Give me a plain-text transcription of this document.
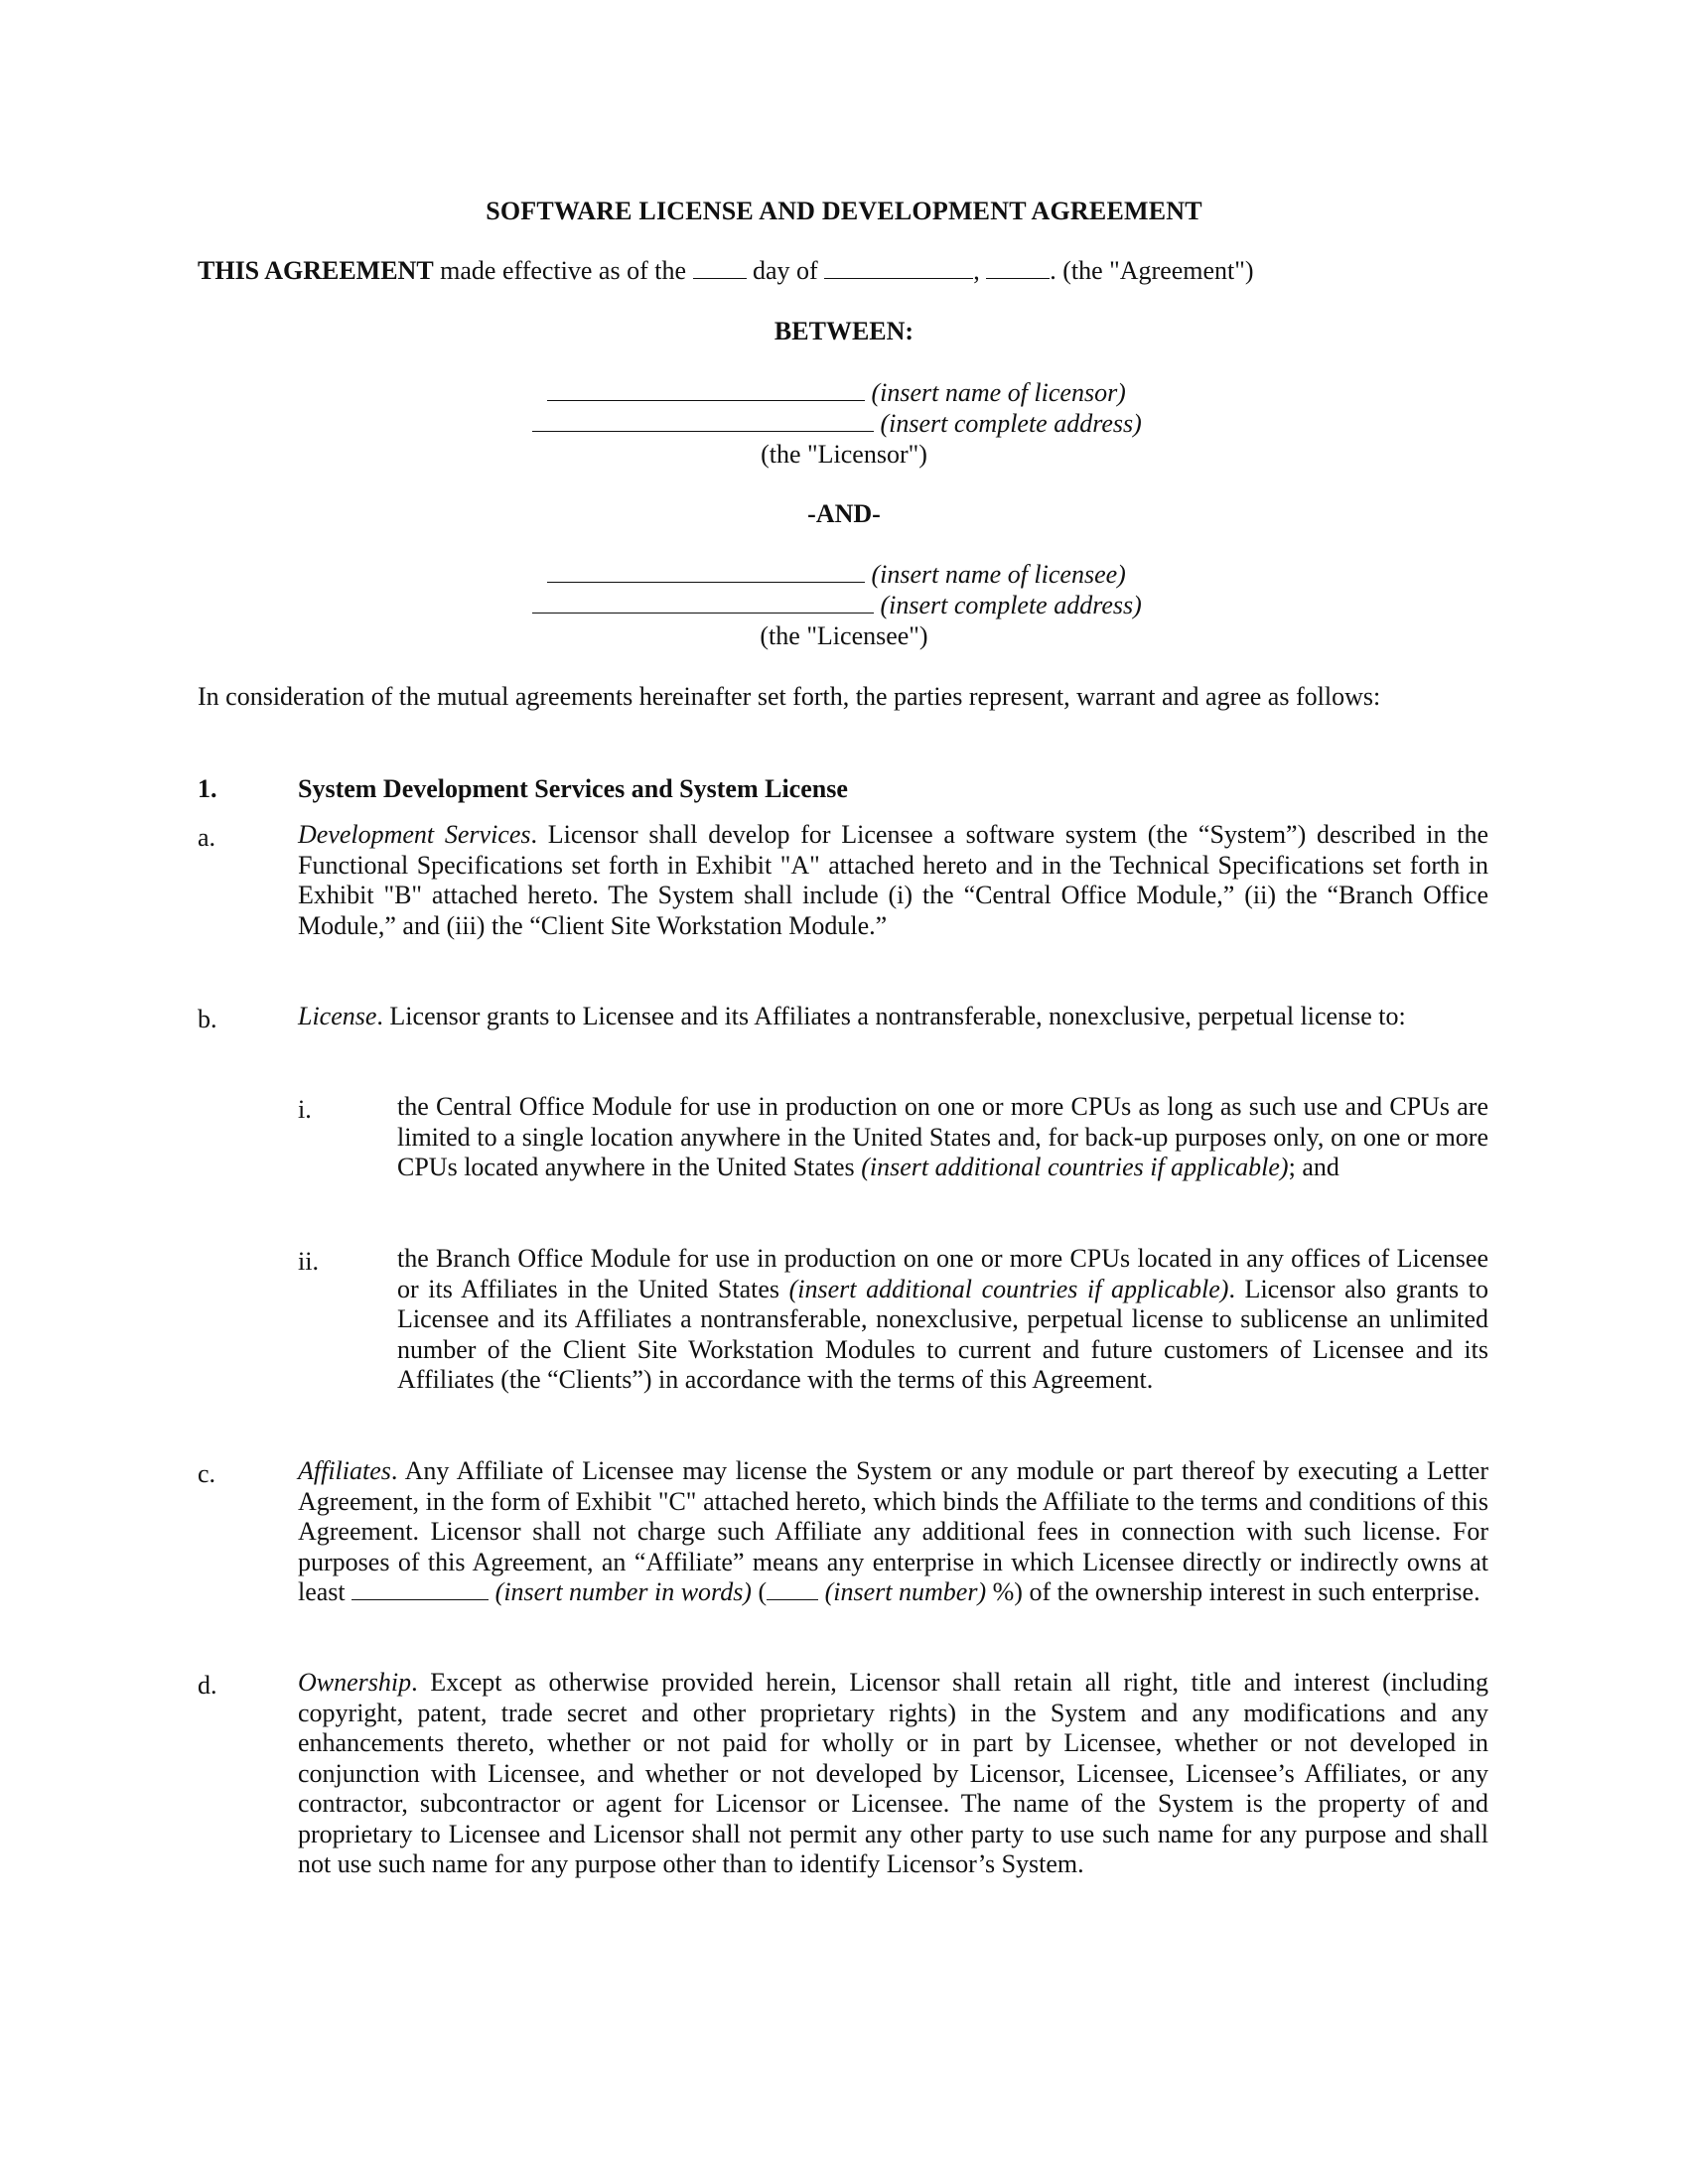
SOFTWARE LICENSE AND DEVELOPMENT AGREEMENT
THIS AGREEMENT made effective as of the  day of	, . (the "Agreement")
BETWEEN:
(insert name of licensor)
(insert complete address)
(the "Licensor")
-AND-
(insert name of licensee)
(insert complete address)
(the "Licensee")
In consideration of the mutual agreements hereinafter set forth, the parties represent, warrant and agree as follows:
1.	System Development Services and System License
a.	Development Services. Licensor shall develop for Licensee a software system (the “System”) described in the Functional Specifications set forth in Exhibit "A" attached hereto and in the Technical Specifications set forth in Exhibit "B" attached hereto. The System shall include (i) the “Central Office Module,” (ii) the “Branch Office Module,” and (iii) the “Client Site Workstation Module.”
b.	License. Licensor grants to Licensee and its Affiliates a nontransferable, nonexclusive, perpetual license to:
i.	the Central Office Module for use in production on one or more CPUs as long as such use and CPUs are limited to a single location anywhere in the United States and, for back-up purposes only, on one or more CPUs located anywhere in the United States (insert additional countries if applicable); and
ii.	the Branch Office Module for use in production on one or more CPUs located in any offices of Licensee or its Affiliates in the United States (insert additional countries if applicable). Licensor also grants to Licensee and its Affiliates a nontransferable, nonexclusive, perpetual license to sublicense an unlimited number of the Client Site Workstation Modules to current and future customers of Licensee and its Affiliates (the “Clients”) in accordance with the terms of this Agreement.
c.	Affiliates. Any Affiliate of Licensee may license the System or any module or part thereof by executing a Letter Agreement, in the form of Exhibit "C" attached hereto, which binds the Affiliate to the terms and conditions of this Agreement. Licensor shall not charge such Affiliate any additional fees in connection with such license. For purposes of this Agreement, an “Affiliate” means any enterprise in which Licensee directly or indirectly owns at least	(insert number in words) ( (insert number) %) of the ownership interest in such enterprise.
d.	Ownership. Except as otherwise provided herein, Licensor shall retain all right, title and interest (including copyright, patent, trade secret and other proprietary rights) in the System and any modifications and any enhancements thereto, whether or not paid for wholly or in part by Licensee, whether or not developed in conjunction with Licensee, and whether or not developed by Licensor, Licensee, Licensee’s Affiliates, or any contractor, subcontractor or agent for Licensor or Licensee. The name of the System is the property of and proprietary to Licensee and Licensor shall not permit any other party to use such name for any purpose and shall not use such name for any purpose other than to identify Licensor’s System.
